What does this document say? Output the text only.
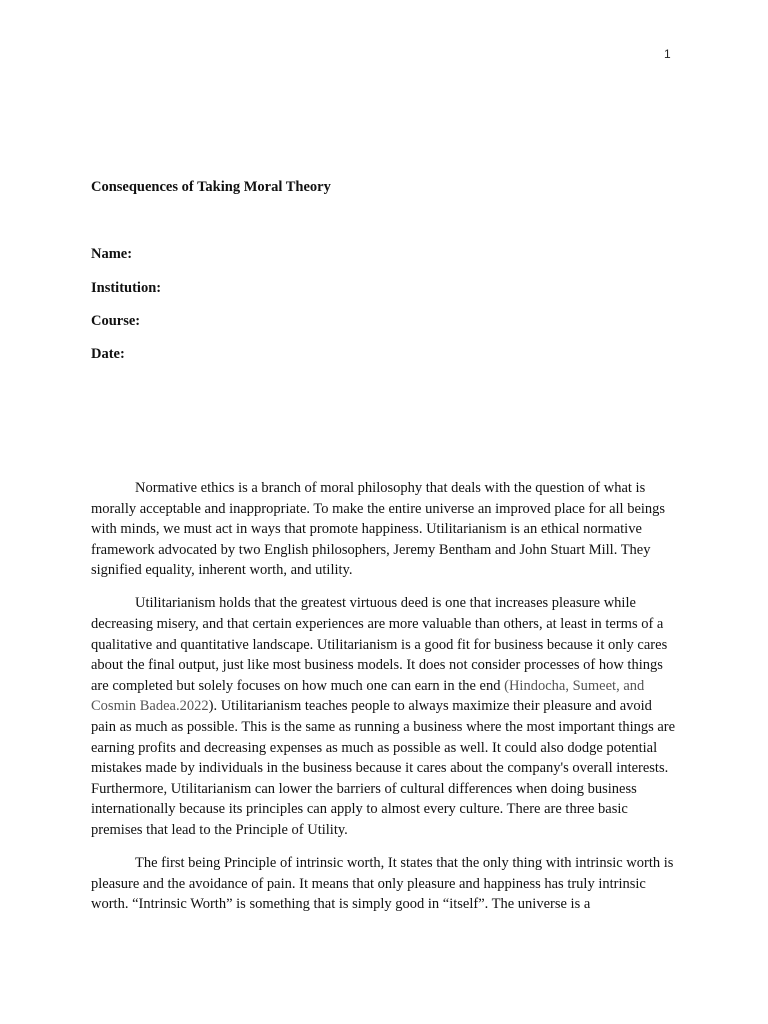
1
Consequences of Taking Moral Theory

Name:

Institution:

Course:

Date:

Normative ethics is a branch of moral philosophy that deals with the question of what is morally acceptable and inappropriate. To make the entire universe an improved place for all beings with minds, we must act in ways that promote happiness. Utilitarianism is an ethical normative framework advocated by two English philosophers, Jeremy Bentham and John Stuart Mill. They signified equality, inherent worth, and utility.

Utilitarianism holds that the greatest virtuous deed is one that increases pleasure while decreasing misery, and that certain experiences are more valuable than others, at least in terms of a qualitative and quantitative landscape. Utilitarianism is a good fit for business because it only cares about the final output, just like most business models. It does not consider processes of how things are completed but solely focuses on how much one can earn in the end (Hindocha, Sumeet, and Cosmin Badea.2022). Utilitarianism teaches people to always maximize their pleasure and avoid pain as much as possible. This is the same as running a business where the most important things are earning profits and decreasing expenses as much as possible as well. It could also dodge potential mistakes made by individuals in the business because it cares about the company's overall interests. Furthermore, Utilitarianism can lower the barriers of cultural differences when doing business internationally because its principles can apply to almost every culture. There are three basic premises that lead to the Principle of Utility.

The first being Principle of intrinsic worth, It states that the only thing with intrinsic worth is pleasure and the avoidance of pain. It means that only pleasure and happiness has truly intrinsic worth. “Intrinsic Worth” is something that is simply good in “itself”. The universe is a
